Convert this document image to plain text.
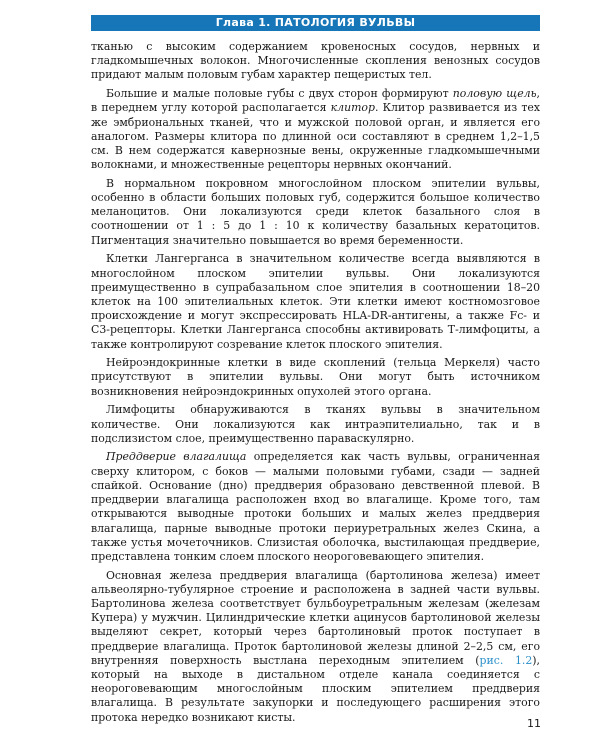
Глава 1. ПАТОЛОГИЯ ВУЛЬВЫ

тканью с высоким содержанием кровеносных сосудов, нервных и гладкомышечных волокон. Многочисленные скопления венозных сосудов придают малым половым губам характер пещеристых тел.

Большие и малые половые губы с двух сторон формируют половую щель, в переднем углу которой располагается клитор. Клитор развивается из тех же эмбриональных тканей, что и мужской половой орган, и является его аналогом. Размеры клитора по длинной оси составляют в среднем 1,2–1,5 см. В нем содержатся кавернозные вены, окруженные гладкомышечными волокнами, и множественные рецепторы нервных окончаний.

В нормальном покровном многослойном плоском эпителии вульвы, особенно в области больших половых губ, содержится большое количество меланоцитов. Они локализуются среди клеток базального слоя в соотношении от 1 : 5 до 1 : 10 к количеству базальных кератоцитов. Пигментация значительно повышается во время беременности.

Клетки Лангерганса в значительном количестве всегда выявляются в многослойном плоском эпителии вульвы. Они локализуются преимущественно в супрабазальном слое эпителия в соотношении 18–20 клеток на 100 эпителиальных клеток. Эти клетки имеют костномозговое происхождение и могут экспрессировать HLA-DR-антигены, а также Fc- и C3-рецепторы. Клетки Лангерганса способны активировать Т-лимфоциты, а также контролируют созревание клеток плоского эпителия.

Нейроэндокринные клетки в виде скоплений (тельца Меркеля) часто присутствуют в эпителии вульвы. Они могут быть источником возникновения нейроэндокринных опухолей этого органа.

Лимфоциты обнаруживаются в тканях вульвы в значительном количестве. Они локализуются как интраэпителиально, так и в подслизистом слое, преимущественно паравaскулярно.

Преддверие влагалища определяется как часть вульвы, ограниченная сверху клитором, с боков — малыми половыми губами, сзади — задней спайкой. Основание (дно) преддверия образовано девственной плевой. В преддверии влагалища расположен вход во влагалище. Кроме того, там открываются выводные протоки больших и малых желез преддверия влагалища, парные выводные протоки периуретральных желез Скина, а также устья мочеточников. Слизистая оболочка, выстилающая преддверие, представлена тонким слоем плоского неороговевающего эпителия.

Основная железа преддверия влагалища (бартолинова железа) имеет альвеолярно-тубулярное строение и расположена в задней части вульвы. Бартолинова железа соответствует бульбоуретральным железам (железам Купера) у мужчин. Цилиндрические клетки ацинусов бартолиновой железы выделяют секрет, который через бартолиновый проток поступает в преддверие влагалища. Проток бартолиновой железы длиной 2–2,5 см, его внутренняя поверхность выстлана переходным эпителием (рис. 1.2), который на выходе в дистальном отделе канала соединяется с неороговевающим многослойным плоским эпителием преддверия влагалища. В результате закупорки и последующего расширения этого протока нередко возникают кисты.	11
